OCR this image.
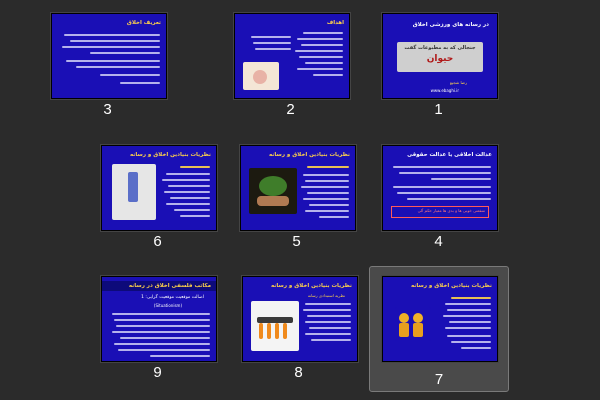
تعریف اخلاق
3
اهداف
2
در رسانه های ورزشی اخلاق
جنجالی که به مطبوعات گفت
حیوان
رضا شجیع
www.ebaghi.ir
1
نظریات بنیادین اخلاق و رسانه
6
نظریات بنیادین اخلاق و رسانه
5
عدالت اخلاقی یا عدالت حقوقی
منفعتی خوبی ها و بدی ها معیار حکم آلی
4
مکاتب فلسفی اخلاق در رسانه
اصالت موقعیت موقعیت گرایی: 1
(Situationism)
9
نظریات بنیادین اخلاق و رسانه
نظریه استبدادی رسانه
8
نظریات بنیادین اخلاق و رسانه
7
